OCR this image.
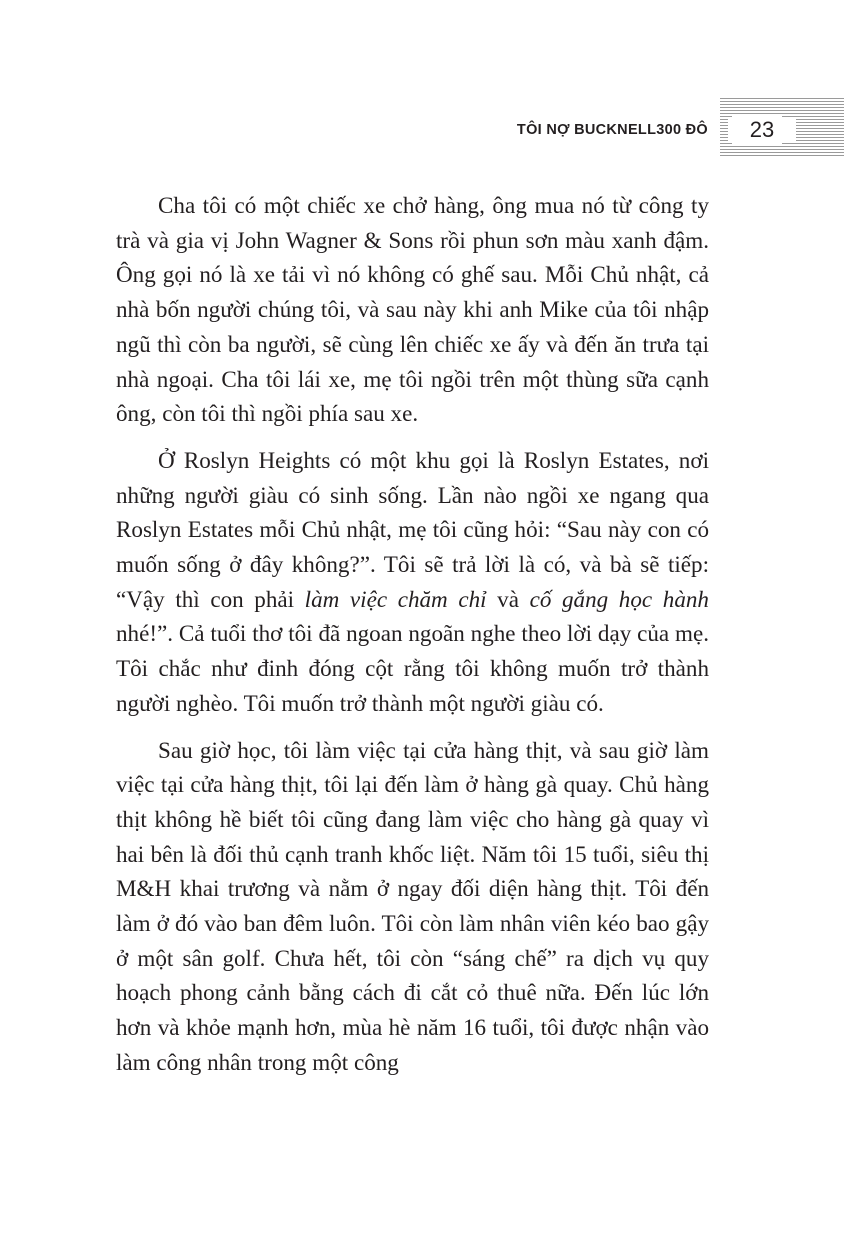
TÔI NỢ BUCKNELL300 ĐÔ	23

Cha tôi có một chiếc xe chở hàng, ông mua nó từ công ty trà và gia vị John Wagner & Sons rồi phun sơn màu xanh đậm. Ông gọi nó là xe tải vì nó không có ghế sau. Mỗi Chủ nhật, cả nhà bốn người chúng tôi, và sau này khi anh Mike của tôi nhập ngũ thì còn ba người, sẽ cùng lên chiếc xe ấy và đến ăn trưa tại nhà ngoại. Cha tôi lái xe, mẹ tôi ngồi trên một thùng sữa cạnh ông, còn tôi thì ngồi phía sau xe.

Ở Roslyn Heights có một khu gọi là Roslyn Estates, nơi những người giàu có sinh sống. Lần nào ngồi xe ngang qua Roslyn Estates mỗi Chủ nhật, mẹ tôi cũng hỏi: “Sau này con có muốn sống ở đây không?”. Tôi sẽ trả lời là có, và bà sẽ tiếp: “Vậy thì con phải làm việc chăm chỉ và cố gắng học hành nhé!”. Cả tuổi thơ tôi đã ngoan ngoãn nghe theo lời dạy của mẹ. Tôi chắc như đinh đóng cột rằng tôi không muốn trở thành người nghèo. Tôi muốn trở thành một người giàu có.

Sau giờ học, tôi làm việc tại cửa hàng thịt, và sau giờ làm việc tại cửa hàng thịt, tôi lại đến làm ở hàng gà quay. Chủ hàng thịt không hề biết tôi cũng đang làm việc cho hàng gà quay vì hai bên là đối thủ cạnh tranh khốc liệt. Năm tôi 15 tuổi, siêu thị M&H khai trương và nằm ở ngay đối diện hàng thịt. Tôi đến làm ở đó vào ban đêm luôn. Tôi còn làm nhân viên kéo bao gậy ở một sân golf. Chưa hết, tôi còn “sáng chế” ra dịch vụ quy hoạch phong cảnh bằng cách đi cắt cỏ thuê nữa. Đến lúc lớn hơn và khỏe mạnh hơn, mùa hè năm 16 tuổi, tôi được nhận vào làm công nhân trong một công
